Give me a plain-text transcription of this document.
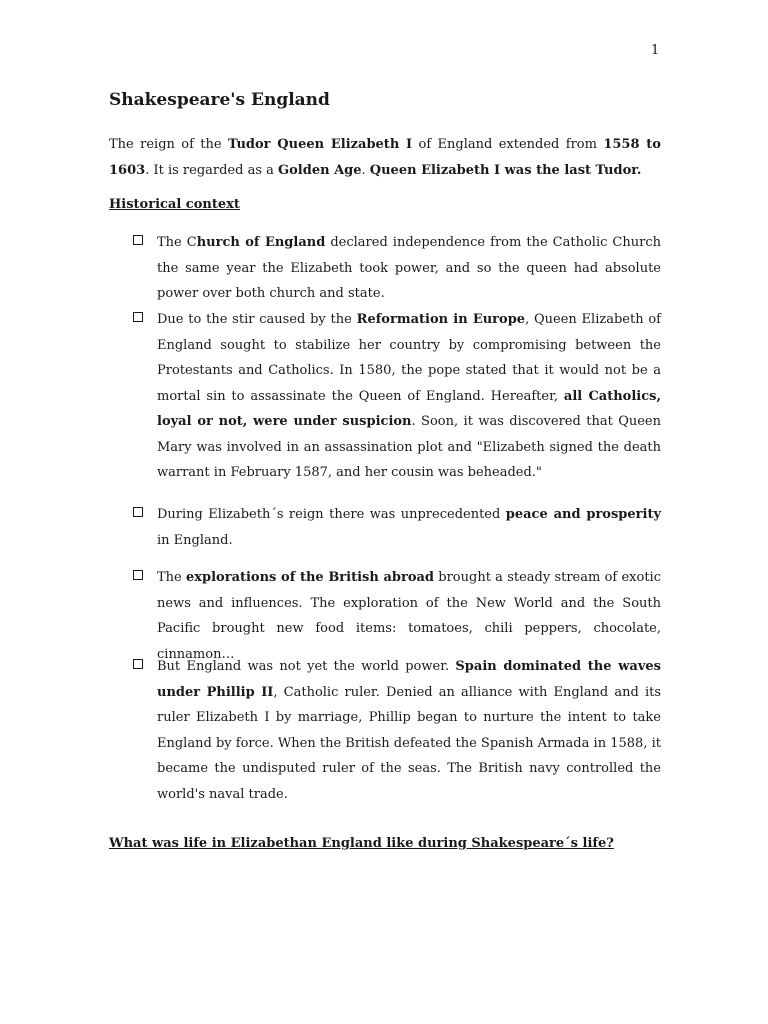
1
Shakespeare's England

The reign of the Tudor Queen Elizabeth I of England extended from 1558 to 1603. It is regarded as a Golden Age. Queen Elizabeth I was the last Tudor.

Historical context
The Church of England declared independence from the Catholic Church the same year the Elizabeth took power, and so the queen had absolute power over both church and state.
Due to the stir caused by the Reformation in Europe, Queen Elizabeth of England sought to stabilize her country by compromising between the Protestants and Catholics. In 1580, the pope stated that it would not be a mortal sin to assassinate the Queen of England. Hereafter, all Catholics, loyal or not, were under suspicion. Soon, it was discovered that Queen Mary was involved in an assassination plot and "Elizabeth signed the death warrant in February 1587, and her cousin was beheaded."
During Elizabeth´s reign there was unprecedented peace and prosperity in England.
The explorations of the British abroad brought a steady stream of exotic news and influences. The exploration of the New World and the South Pacific brought new food items: tomatoes, chili peppers, chocolate, cinnamon…
But England was not yet the world power. Spain dominated the waves under Phillip II, Catholic ruler. Denied an alliance with England and its ruler Elizabeth I by marriage, Phillip began to nurture the intent to take England by force. When the British defeated the Spanish Armada in 1588, it became the undisputed ruler of the seas. The British navy controlled the world's naval trade.
What was life in Elizabethan England like during Shakespeare´s life?
